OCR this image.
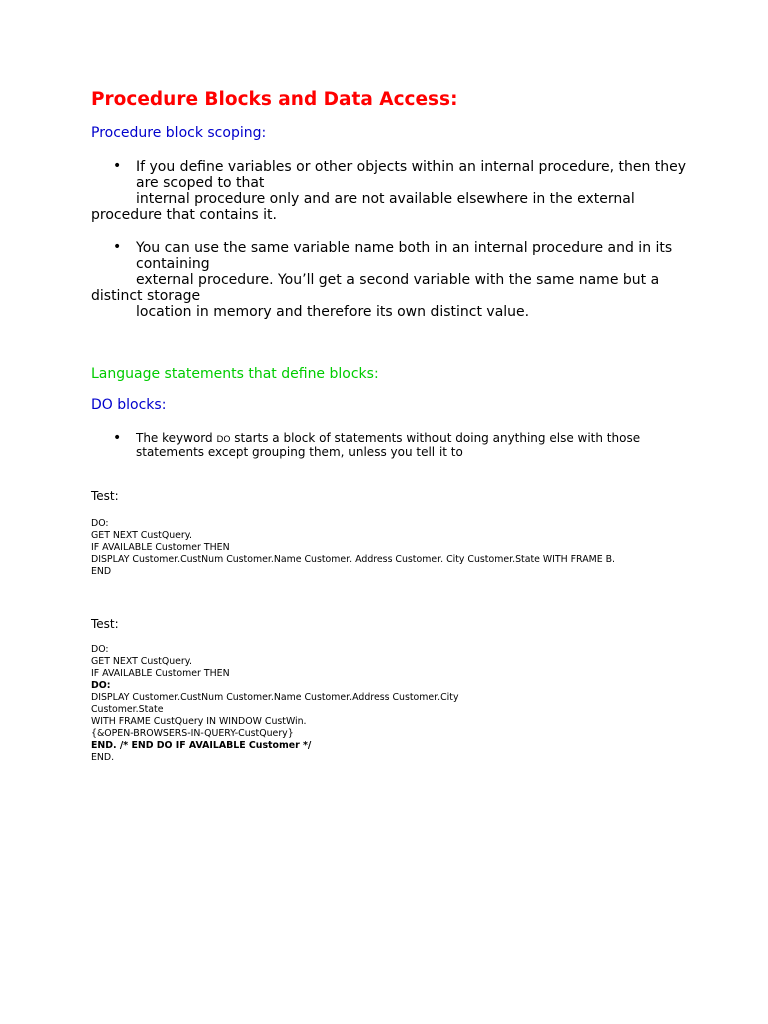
Procedure Blocks and Data Access:
Procedure block scoping:
• If you define variables or other objects within an internal procedure, then they
are scoped to that
internal procedure only and are not available elsewhere in the external
procedure that contains it.
• You can use the same variable name both in an internal procedure and in its
containing
external procedure. You’ll get a second variable with the same name but a
distinct storage
location in memory and therefore its own distinct value.
Language statements that define blocks:
DO blocks:
• The keyword DO starts a block of statements without doing anything else with those
statements except grouping them, unless you tell it to
Test:
DO:
GET NEXT CustQuery.
IF AVAILABLE Customer THEN
DISPLAY Customer.CustNum Customer.Name Customer. Address Customer. City Customer.State WITH FRAME B.
END
Test:
DO:
GET NEXT CustQuery.
IF AVAILABLE Customer THEN
DO:
DISPLAY Customer.CustNum Customer.Name Customer.Address Customer.City
Customer.State
WITH FRAME CustQuery IN WINDOW CustWin.
{&OPEN-BROWSERS-IN-QUERY-CustQuery}
END. /* END DO IF AVAILABLE Customer */
END.
